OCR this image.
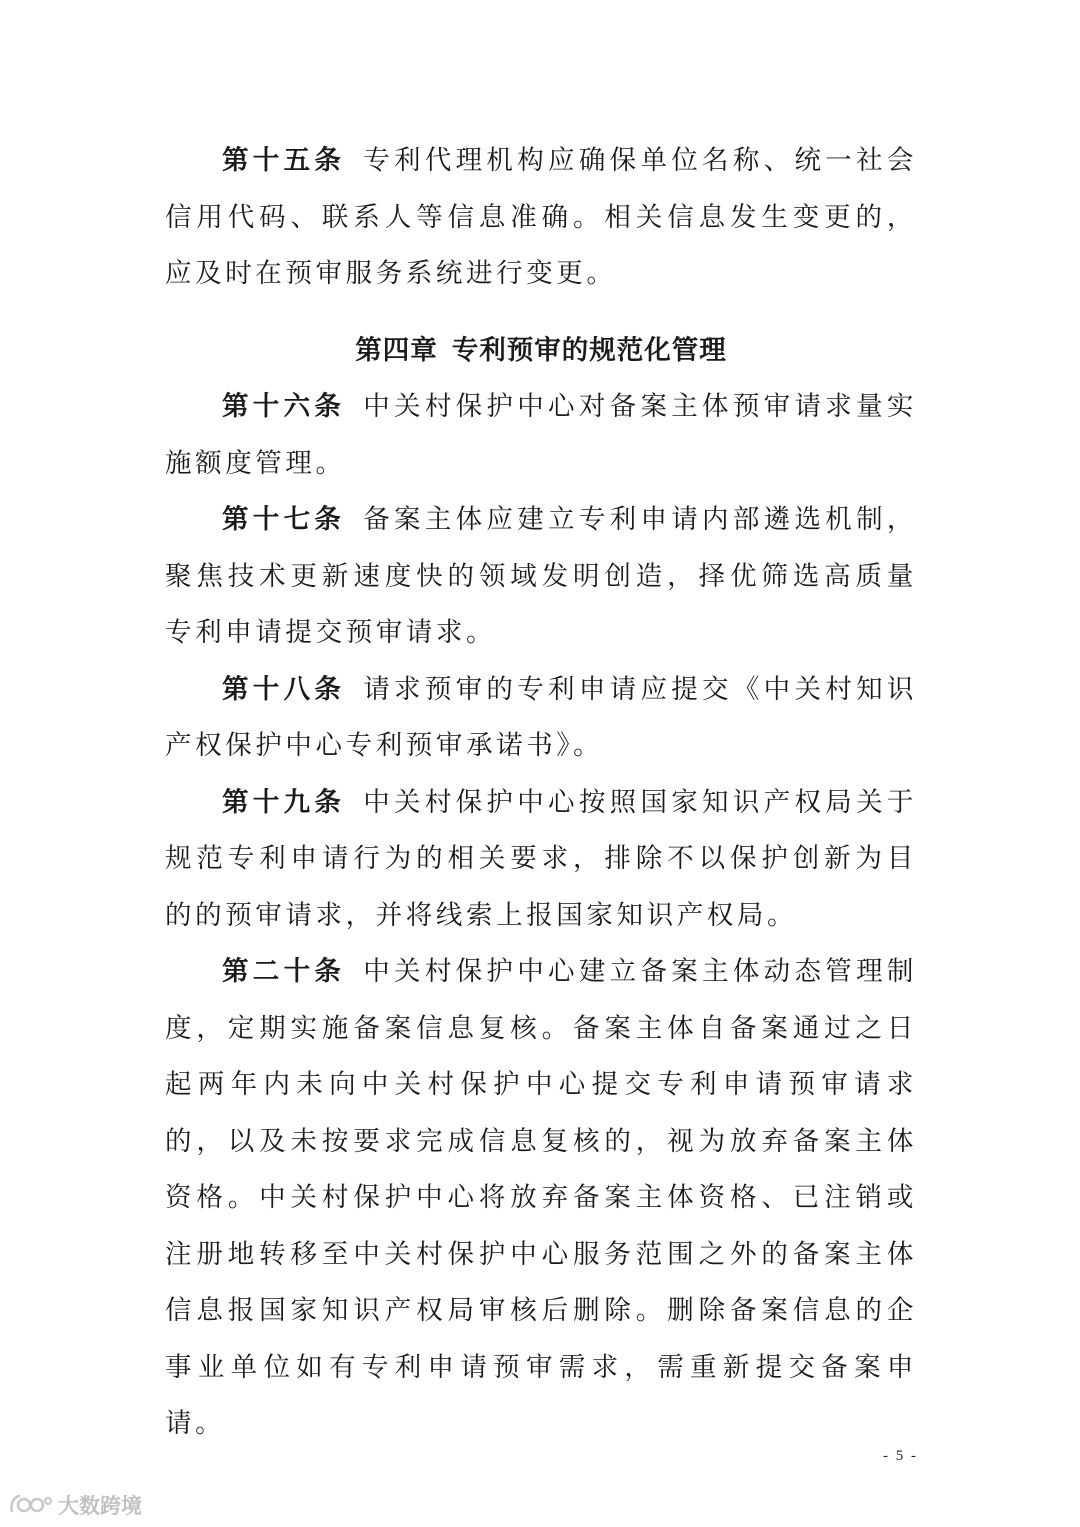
第十五条 专利代理机构应确保单位名称、统一社会信用代码、联系人等信息准确。相关信息发生变更的，应及时在预审服务系统进行变更。

第四章 专利预审的规范化管理

第十六条 中关村保护中心对备案主体预审请求量实施额度管理。

第十七条 备案主体应建立专利申请内部遴选机制，聚焦技术更新速度快的领域发明创造，择优筛选高质量专利申请提交预审请求。

第十八条 请求预审的专利申请应提交《中关村知识产权保护中心专利预审承诺书》。

第十九条 中关村保护中心按照国家知识产权局关于规范专利申请行为的相关要求，排除不以保护创新为目的的预审请求，并将线索上报国家知识产权局。

第二十条 中关村保护中心建立备案主体动态管理制度，定期实施备案信息复核。备案主体自备案通过之日起两年内未向中关村保护中心提交专利申请预审请求的，以及未按要求完成信息复核的，视为放弃备案主体资格。中关村保护中心将放弃备案主体资格、已注销或注册地转移至中关村保护中心服务范围之外的备案主体信息报国家知识产权局审核后删除。删除备案信息的企事业单位如有专利申请预审需求，需重新提交备案申请。

- 5 -
大数跨境
